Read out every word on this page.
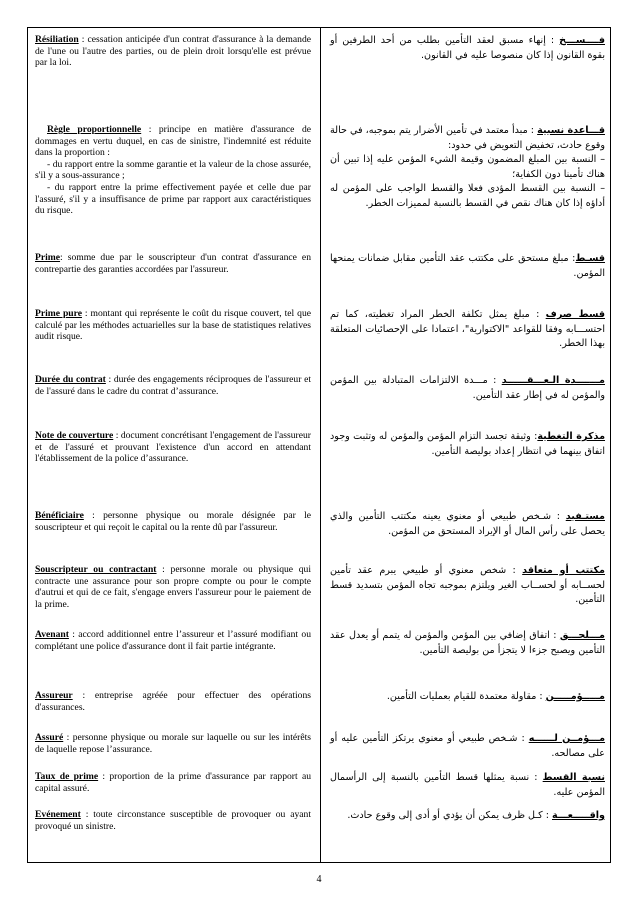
Résiliation : cessation anticipée d'un contrat d'assurance à la demande de l'une ou l'autre des parties, ou de plein droit lorsqu'elle est prévue par la loi.
فــــســـخ : إنهاء مسبق لعقد التأمين بطلب من أحد الطرفين أو بقوة القانون إذا كان منصوصا عليه في القانون.
Règle proportionnelle : principe en matière d'assurance de dommages en vertu duquel, en cas de sinistre, l'indemnité est réduite dans la proportion :
- du rapport entre la somme garantie et la valeur de la chose assurée, s'il y a sous-assurance ;
- du rapport entre la prime effectivement payée et celle due par l'assuré, s'il y a insuffisance de prime par rapport aux caractéristiques du risque.
قـــاعدة نسبية : مبدأ معتمد في تأمين الأضرار يتم بموجبه، في حالة وقوع حادث، تخفيض التعويض في حدود:
– النسبة بين المبلغ المضمون وقيمة الشيء المؤمن عليه إذا تبين أن هناك تأمينا دون الكفاية؛
– النسبة بين القسط المؤدى فعلا والقسط الواجب على المؤمن له أداؤه إذا كان هناك نقص في القسط بالنسبة لمميزات الخطر.
Prime: somme due par le souscripteur d'un contrat d'assurance en contrepartie des garanties accordées par l'assureur.
قسـط: مبلغ مستحق على مكتتب عقد التأمين مقابل ضمانات يمنحها المؤمن.
Prime pure : montant qui représente le coût du risque couvert, tel que calculé par les méthodes actuarielles sur la base de statistiques relatives audit risque.
قسط صرف : مبلغ يمثل تكلفة الخطر المراد تغطيته، كما تم احتســـابه وفقا للقواعد "الاكتوارية"، اعتمادا على الإحصائيات المتعلقة بهذا الخطر.
Durée du contrat : durée des engagements réciproques de l'assureur et de l'assuré dans le cadre du contrat d’assurance.
مـــــــدة الـعـــقــــــد : مـــدة الالتزامات المتبادلة بين المؤمن والمؤمن له في إطار عقد التأمين.
Note de couverture : document concrétisant l'engagement de l'assureur et de l'assuré et prouvant l'existence d'un accord en attendant l'établissement de la police d’assurance.
مذكرة التغطية: وثيقة تجسد التزام المؤمن والمؤمن له وتثبت وجود اتفاق بينهما في انتظار إعداد بوليصة التأمين.
Bénéficiaire : personne physique ou morale désignée par le souscripteur et qui reçoit le capital ou la rente dû par l'assureur.
مستـفيد : شـخص طبيعي أو معنوي يعينه مكتتب التأمين والذي يحصل على رأس المال أو الإيراد المستحق من المؤمن.
Souscripteur ou contractant : personne morale ou physique qui contracte une assurance pour son propre compte ou pour le compte d'autrui et qui de ce fait, s'engage envers l'assureur pour le paiement de la prime.
مكتتب أو متعاقد : شخص معنوي أو طبيعي يبرم عقد تأمين لحســابه أو لحســاب الغير ويلتزم بموجبه تجاه المؤمن بتسديد قسط التأمين.
Avenant : accord additionnel entre l’assureur et l’assuré modifiant ou complétant une police d'assurance dont il fait partie intégrante.
مـــلحـــق : اتفاق إضافي بين المؤمن والمؤمن له يتمم أو يعدل عقد التأمين ويصبح جزءا لا يتجزأ من بوليصة التأمين.
Assureur : entreprise agréée pour effectuer des opérations d'assurances.
مـــــؤمـــــن : مقاولة معتمدة للقيام بعمليات التأمين.
Assuré : personne physique ou morale sur laquelle ou sur les intérêts de laquelle repose l’assurance.
مـــؤمــن لــــــه : شـخص طبيعي أو معنوي يرتكز التأمين عليه أو على مصالحه.
Taux de prime : proportion de la prime d'assurance par rapport au capital assuré.
نسبة القسط : نسبة يمثلها قسط التأمين بالنسبة إلى الرأسمال المؤمن عليه.
Evénement : toute circonstance susceptible de provoquer ou ayant provoqué un sinistre.
واقـــــعـــة : كـل ظرف يمكن أن يؤدي أو أدى إلى وقوع حادث.
4
